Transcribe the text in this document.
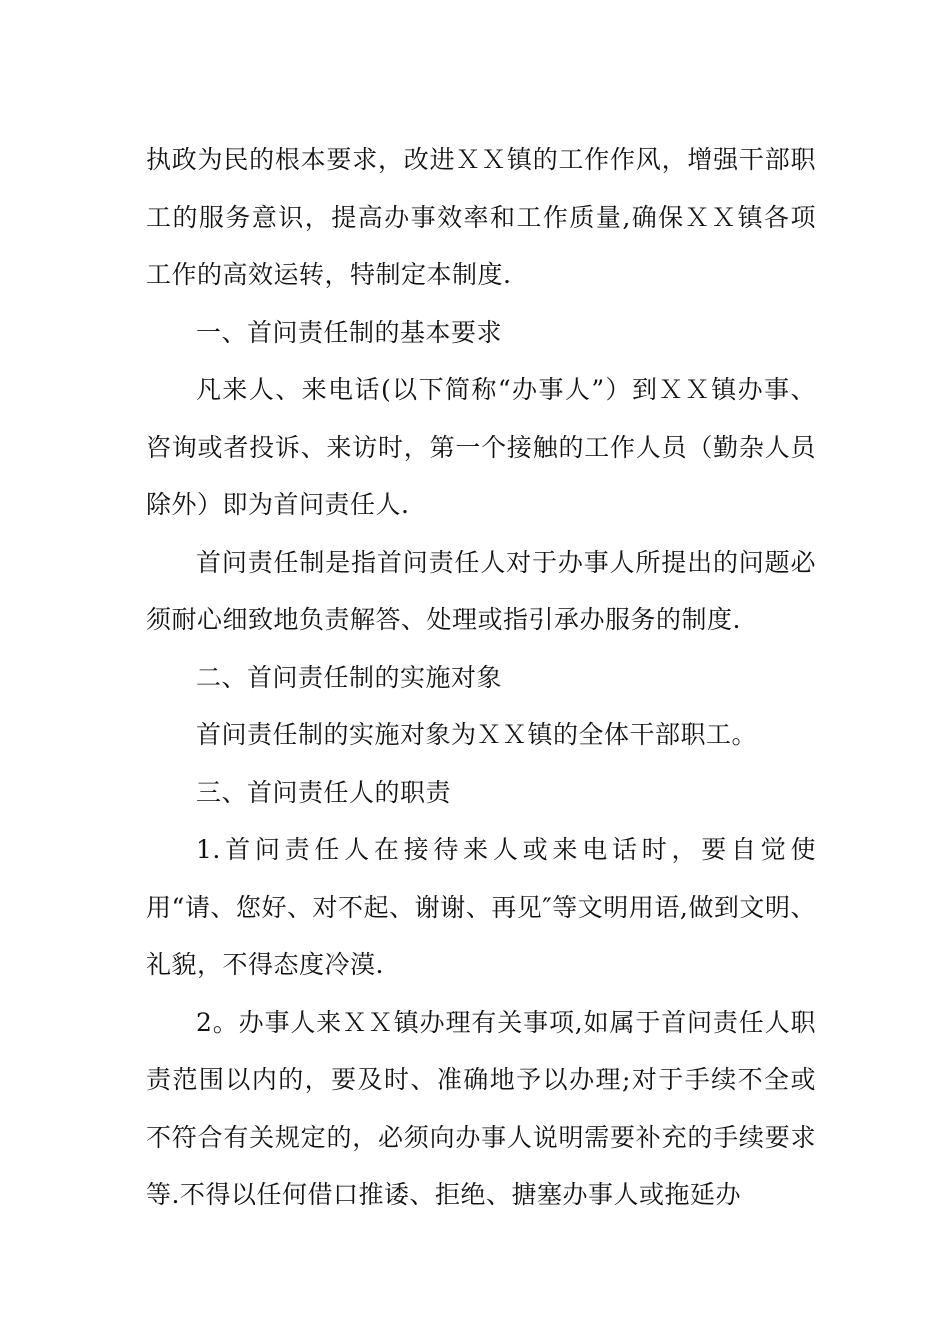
执政为民的根本要求，改进ＸＸ镇的工作作风，增强干部职工的服务意识，提高办事效率和工作质量,确保ＸＸ镇各项工作的高效运转，特制定本制度.

一、首问责任制的基本要求

凡来人、来电话(以下简称“办事人”）到ＸＸ镇办事、咨询或者投诉、来访时，第一个接触的工作人员（勤杂人员除外）即为首问责任人.

首问责任制是指首问责任人对于办事人所提出的问题必须耐心细致地负责解答、处理或指引承办服务的制度.

二、首问责任制的实施对象

首问责任制的实施对象为ＸＸ镇的全体干部职工。

三、首问责任人的职责

1.首问责任人在接待来人或来电话时，要自觉使用“请、您好、对不起、谢谢、再见″等文明用语,做到文明、礼貌，不得态度冷漠.

2。办事人来ＸＸ镇办理有关事项,如属于首问责任人职责范围以内的，要及时、准确地予以办理;对于手续不全或不符合有关规定的，必须向办事人说明需要补充的手续要求等.不得以任何借口推诿、拒绝、搪塞办事人或拖延办
